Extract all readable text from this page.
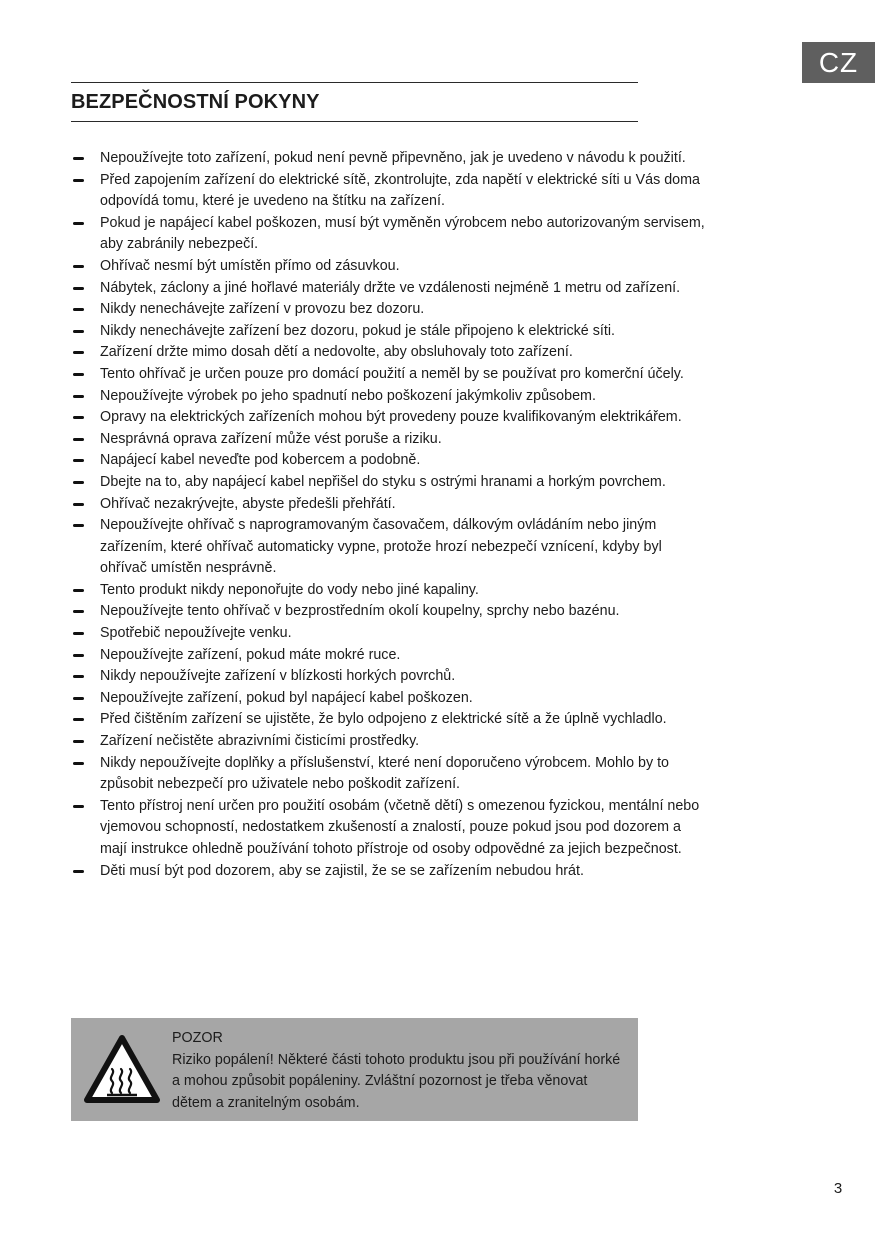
CZ
BEZPEČNOSTNÍ POKYNY
Nepoužívejte toto zařízení, pokud není pevně připevněno, jak je uvedeno v návodu k použití.
Před zapojením zařízení do elektrické sítě, zkontrolujte, zda napětí v elektrické síti u Vás doma odpovídá tomu, které je uvedeno na štítku na zařízení.
Pokud je napájecí kabel poškozen, musí být vyměněn výrobcem nebo autorizovaným servisem, aby zabránily nebezpečí.
Ohřívač nesmí být umístěn přímo od zásuvkou.
Nábytek, záclony a jiné hořlavé materiály držte ve vzdálenosti nejméně 1 metru od zařízení.
Nikdy nenechávejte zařízení v provozu bez dozoru.
Nikdy nenechávejte zařízení bez dozoru, pokud je stále připojeno k elektrické síti.
Zařízení držte mimo dosah dětí a nedovolte, aby obsluhovaly toto zařízení.
Tento ohřívač je určen pouze pro domácí použití a neměl by se používat pro komerční účely.
Nepoužívejte výrobek po jeho spadnutí nebo poškození jakýmkoliv způsobem.
Opravy na elektrických zařízeních mohou být provedeny pouze kvalifikovaným elektrikářem.
Nesprávná oprava zařízení může vést poruše a riziku.
Napájecí kabel neveďte pod kobercem a podobně.
Dbejte na to, aby napájecí kabel nepřišel do styku s ostrými hranami a horkým povrchem.
Ohřívač nezakrývejte, abyste předešli přehřátí.
Nepoužívejte ohřívač s naprogramovaným časovačem, dálkovým ovládáním nebo jiným zařízením, které ohřívač automaticky vypne, protože hrozí nebezpečí vznícení, kdyby byl ohřívač umístěn nesprávně.
Tento produkt nikdy neponořujte do vody nebo jiné kapaliny.
Nepoužívejte tento ohřívač v bezprostředním okolí koupelny, sprchy nebo bazénu.
Spotřebič nepoužívejte venku.
Nepoužívejte zařízení, pokud máte mokré ruce.
Nikdy nepoužívejte zařízení v blízkosti horkých povrchů.
Nepoužívejte zařízení, pokud byl napájecí kabel poškozen.
Před čištěním zařízení se ujistěte, že bylo odpojeno z elektrické sítě a že úplně vychladlo.
Zařízení nečistěte abrazivními čisticími prostředky.
Nikdy nepoužívejte doplňky a příslušenství, které není doporučeno výrobcem. Mohlo by to způsobit nebezpečí pro uživatele nebo poškodit zařízení.
Tento přístroj není určen pro použití osobám (včetně dětí) s omezenou fyzickou, mentální nebo vjemovou schopností, nedostatkem zkušeností a znalostí, pouze pokud jsou pod dozorem a mají instrukce ohledně používání tohoto přístroje od osoby odpovědné za jejich bezpečnost.
Děti musí být pod dozorem, aby se zajistil, že se se zařízením nebudou hrát.

POZOR

Riziko popálení! Některé části tohoto produktu jsou při používání horké a mohou způsobit popáleniny. Zvláštní pozornost je třeba věnovat dětem a zranitelným osobám.

3
